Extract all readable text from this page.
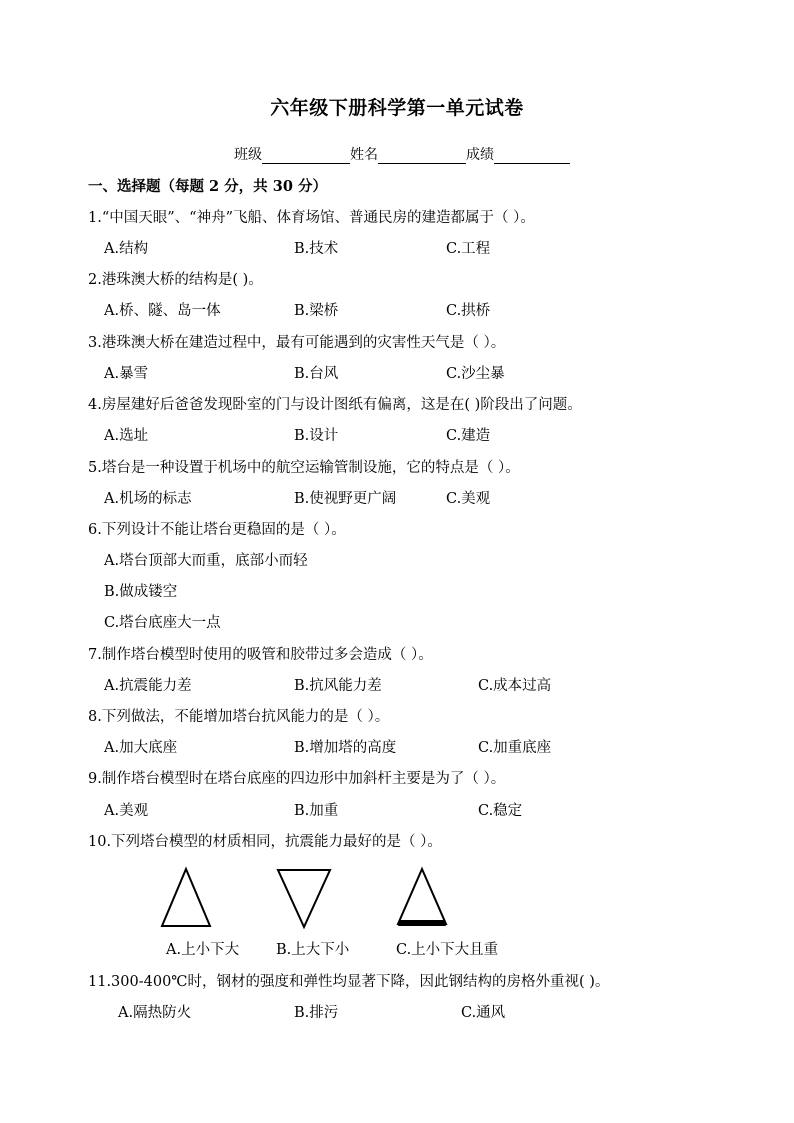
六年级下册科学第一单元试卷
班级	姓名	成绩
一、选择题（每题 2 分，共 30 分）
1.“中国天眼”、“神舟”飞船、体育场馆、普通民房的建造都属于（ ）。
A.结构	B.技术	C.工程
2.港珠澳大桥的结构是( )。
A.桥、隧、岛一体	B.梁桥	C.拱桥
3.港珠澳大桥在建造过程中，最有可能遇到的灾害性天气是（ ）。
A.暴雪	B.台风	C.沙尘暴
4.房屋建好后爸爸发现卧室的门与设计图纸有偏离，这是在( )阶段出了问题。
A.选址	B.设计	C.建造
5.塔台是一种设置于机场中的航空运输管制设施，它的特点是（ ）。
A.机场的标志	B.使视野更广阔	C.美观
6.下列设计不能让塔台更稳固的是（ ）。
A.塔台顶部大而重，底部小而轻
B.做成镂空
C.塔台底座大一点
7.制作塔台模型时使用的吸管和胶带过多会造成（ ）。
A.抗震能力差	B.抗风能力差	C.成本过高
8.下列做法，不能增加塔台抗风能力的是（ ）。
A.加大底座	B.增加塔的高度	C.加重底座
9.制作塔台模型时在塔台底座的四边形中加斜杆主要是为了（ ）。
A.美观	B.加重	C.稳定
10.下列塔台模型的材质相同，抗震能力最好的是（ ）。
A.上小下大	B.上大下小	C.上小下大且重
11.300-400℃时，钢材的强度和弹性均显著下降，因此钢结构的房格外重视( )。
A.隔热防火	B.排污	C.通风
